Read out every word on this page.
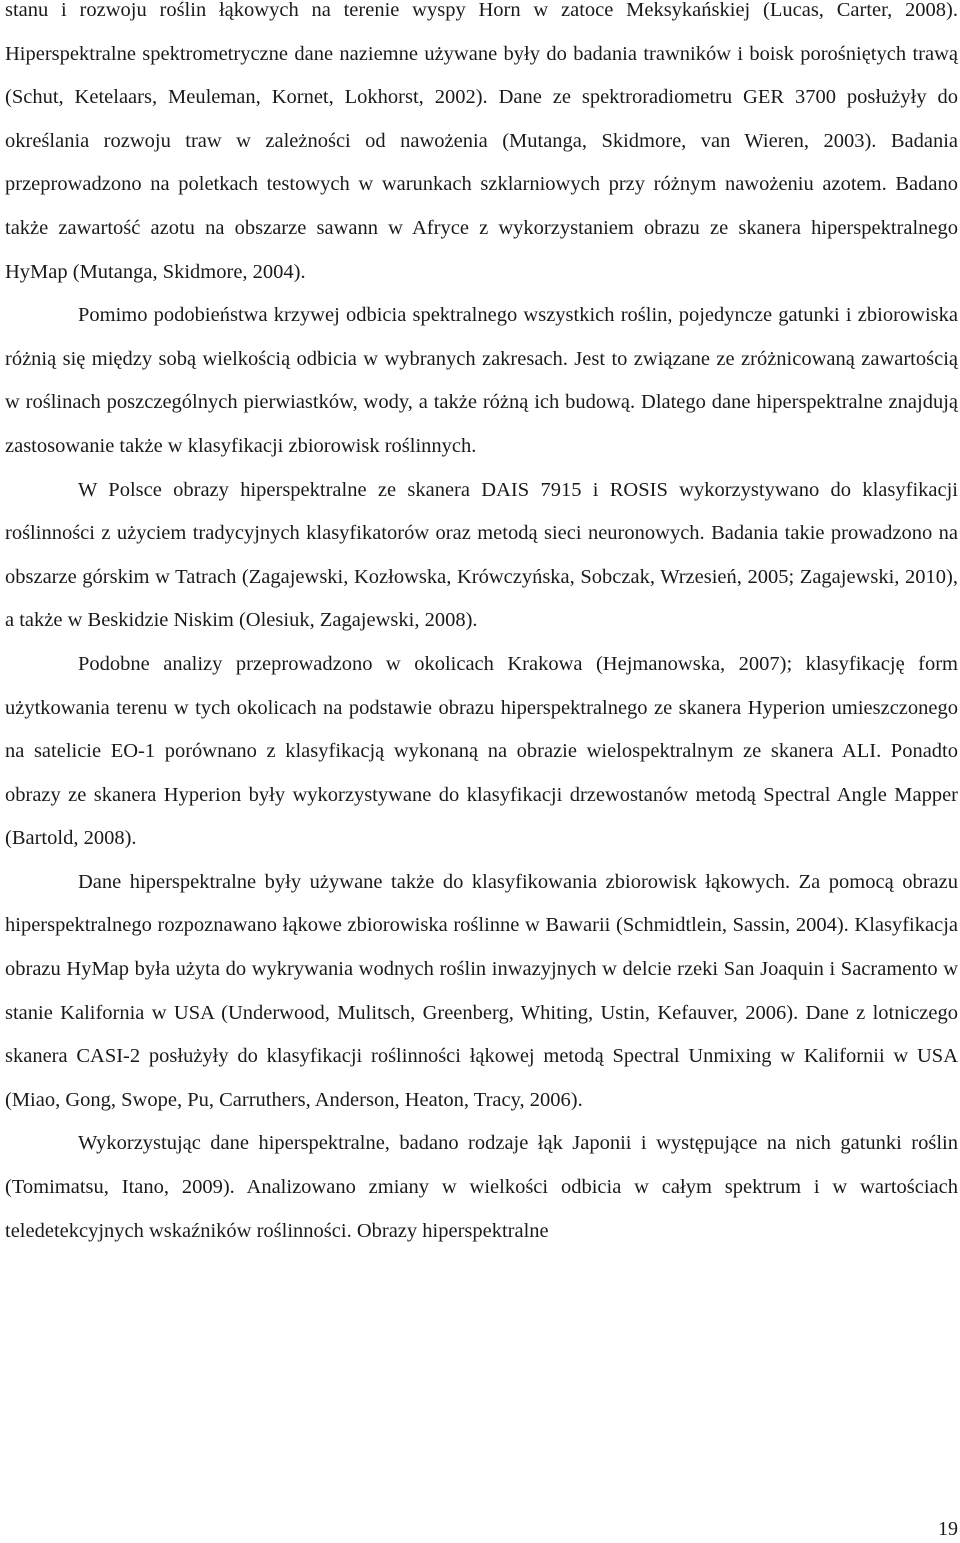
stanu i rozwoju roślin łąkowych na terenie wyspy Horn w zatoce Meksykańskiej (Lucas, Carter, 2008). Hiperspektralne spektrometryczne dane naziemne używane były do badania trawników i boisk porośniętych trawą (Schut, Ketelaars, Meuleman, Kornet, Lokhorst, 2002). Dane ze spektroradiometru GER 3700 posłużyły do określania rozwoju traw w zależności od nawożenia (Mutanga, Skidmore, van Wieren, 2003). Badania przeprowadzono na poletkach testowych w warunkach szklarniowych przy różnym nawożeniu azotem. Badano także zawartość azotu na obszarze sawann w Afryce z wykorzystaniem obrazu ze skanera hiperspektralnego HyMap (Mutanga, Skidmore, 2004).

Pomimo podobieństwa krzywej odbicia spektralnego wszystkich roślin, pojedyncze gatunki i zbiorowiska różnią się między sobą wielkością odbicia w wybranych zakresach. Jest to związane ze zróżnicowaną zawartością w roślinach poszczególnych pierwiastków, wody, a także różną ich budową. Dlatego dane hiperspektralne znajdują zastosowanie także w klasyfikacji zbiorowisk roślinnych.

W Polsce obrazy hiperspektralne ze skanera DAIS 7915 i ROSIS wykorzystywano do klasyfikacji roślinności z użyciem tradycyjnych klasyfikatorów oraz metodą sieci neuronowych. Badania takie prowadzono na obszarze górskim w Tatrach (Zagajewski, Kozłowska, Krówczyńska, Sobczak, Wrzesień, 2005; Zagajewski, 2010), a także w Beskidzie Niskim (Olesiuk, Zagajewski, 2008).

Podobne analizy przeprowadzono w okolicach Krakowa (Hejmanowska, 2007); klasyfikację form użytkowania terenu w tych okolicach na podstawie obrazu hiperspektralnego ze skanera Hyperion umieszczonego na satelicie EO-1 porównano z klasyfikacją wykonaną na obrazie wielospektralnym ze skanera ALI. Ponadto obrazy ze skanera Hyperion były wykorzystywane do klasyfikacji drzewostanów metodą Spectral Angle Mapper (Bartold, 2008).

Dane hiperspektralne były używane także do klasyfikowania zbiorowisk łąkowych. Za pomocą obrazu hiperspektralnego rozpoznawano łąkowe zbiorowiska roślinne w Bawarii (Schmidtlein, Sassin, 2004). Klasyfikacja obrazu HyMap była użyta do wykrywania wodnych roślin inwazyjnych w delcie rzeki San Joaquin i Sacramento w stanie Kalifornia w USA (Underwood, Mulitsch, Greenberg, Whiting, Ustin, Kefauver, 2006). Dane z lotniczego skanera CASI-2 posłużyły do klasyfikacji roślinności łąkowej metodą Spectral Unmixing w Kalifornii w USA (Miao, Gong, Swope, Pu, Carruthers, Anderson, Heaton, Tracy, 2006).

Wykorzystując dane hiperspektralne, badano rodzaje łąk Japonii i występujące na nich gatunki roślin (Tomimatsu, Itano, 2009). Analizowano zmiany w wielkości odbicia w całym spektrum i w wartościach teledetekcyjnych wskaźników roślinności. Obrazy hiperspektralne

19
